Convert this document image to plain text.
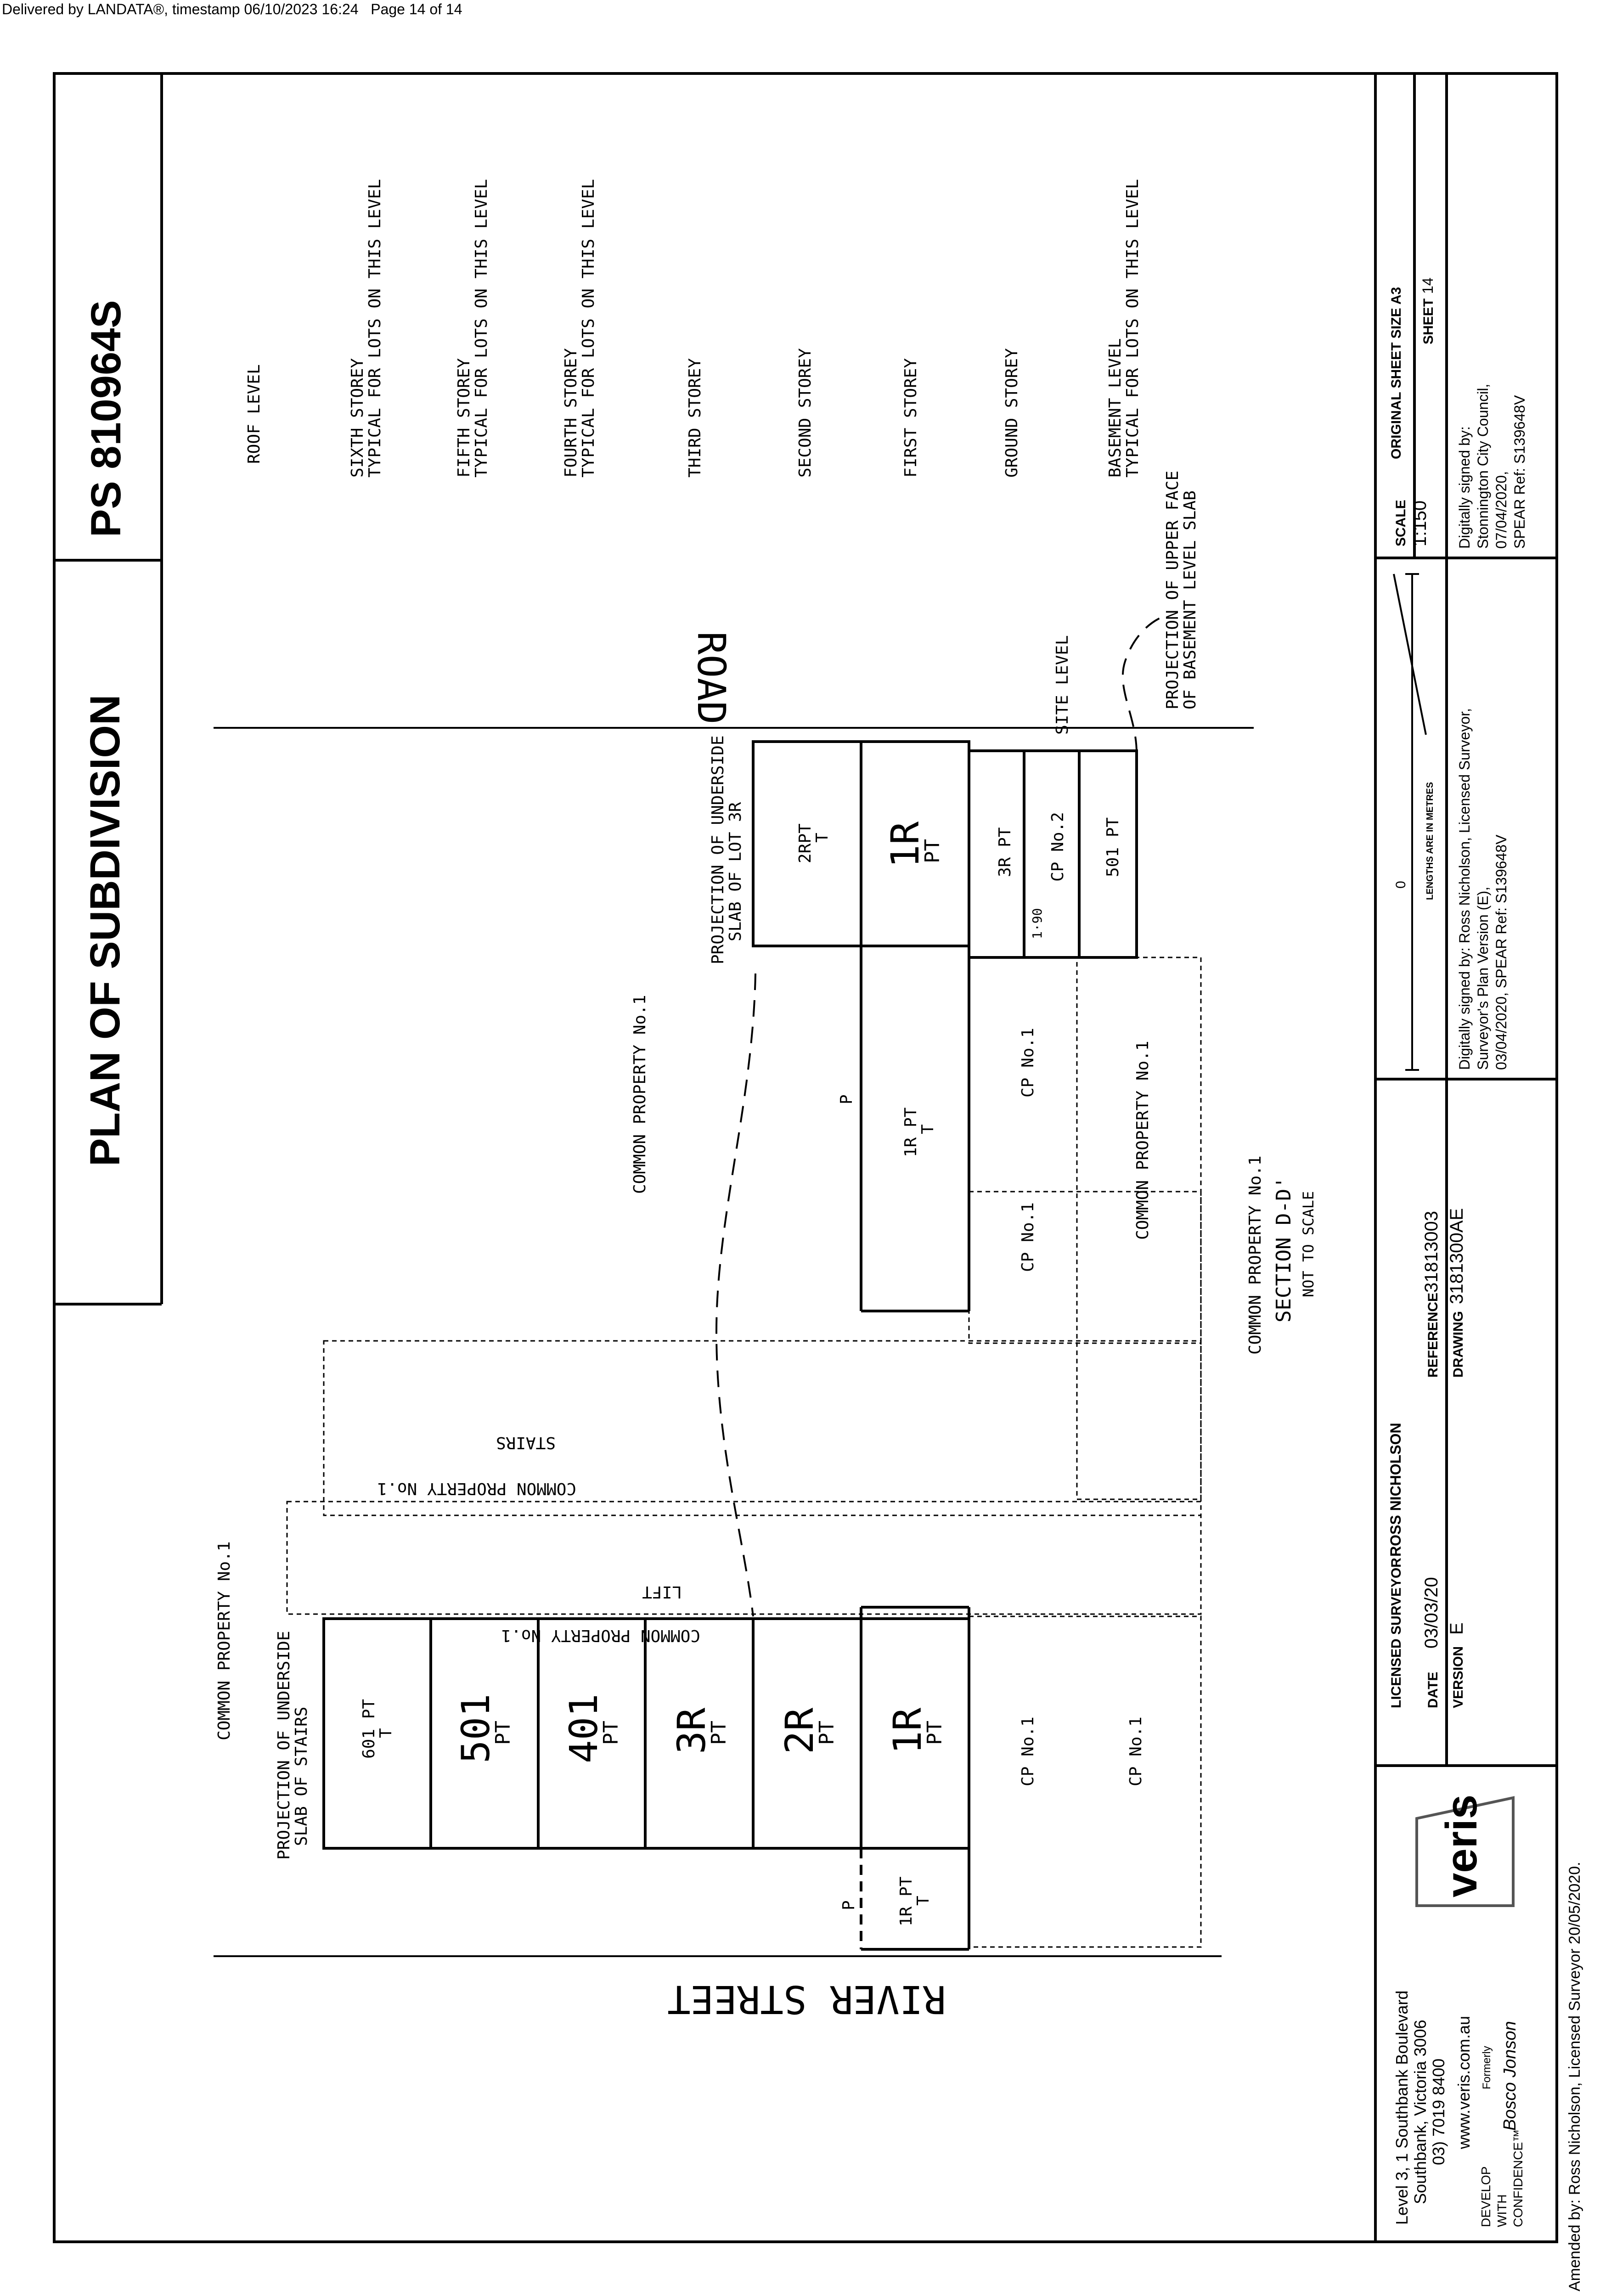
Delivered by LANDATA®, timestamp 06/10/2023 16:24 Page 14 of 14
PLAN OF SUBDIVISION
PS 810964S	ROOF LEVEL	SIXTH STOREY
TYPICAL FOR LOTS ON THIS LEVEL	FIFTH STOREY
TYPICAL FOR LOTS ON THIS LEVEL	FOURTH STOREY
TYPICAL FOR LOTS ON THIS LEVEL	THIRD STOREY	SECOND STOREY	FIRST STOREY	GROUND STOREY	BASEMENT LEVEL
TYPICAL FOR LOTS ON THIS LEVEL
ROAD
RIVER STREET
601 PT
T 501
PT 401
PT 3R
PT 2R
PT 1R
PT
1R PT
T
1R PT
T
2RPT
T 1R
PT	3R PT	501 PT
SITE LEVEL	PROJECTION OF UPPER FACE
OF BASEMENT LEVEL SLAB
PROJECTION OF UNDERSIDE
SLAB OF LOT 3R
PROJECTION OF UNDERSIDE
SLAB OF STAIRS
COMMON PROPERTY No.1
COMMON PROPERTY No.1	COMMON PROPERTY No.1
COMMON PROPERTY No.1
STAIRS
COMMON PROPERTY No.1
LIFT
COMMON PROPERTY No.1
CP No.1	CP No.1
CP No.1
CP No.1
CP No.2
P
P
1·90
SECTION D-D' NOT TO SCALE
Level 3, 1 Southbank Boulevard Southbank, Victoria 3006 03) 7019 8400 www.veris.com.au
DEVELOP WITH CONFIDENCE™
Formerly Bosco Jonson
veris
LICENSED SURVEYOR
ROSS NICHOLSON
DATE
03/03/20
VERSION
E
REFERENCE
31813003
DRAWING
3181300AE
0 LENGTHS ARE IN METRES
SCALE 1:150
ORIGINAL SHEET SIZE A3 SHEET
14
Digitally signed by: Ross Nicholson, Licensed Surveyor, Surveyor's Plan Version (E), 03/04/2020, SPEAR Ref: S139648V
Digitally signed by: Stonnington City Council, 07/04/2020, SPEAR Ref: S139648V
Amended by: Ross Nicholson, Licensed Surveyor 20/05/2020.
